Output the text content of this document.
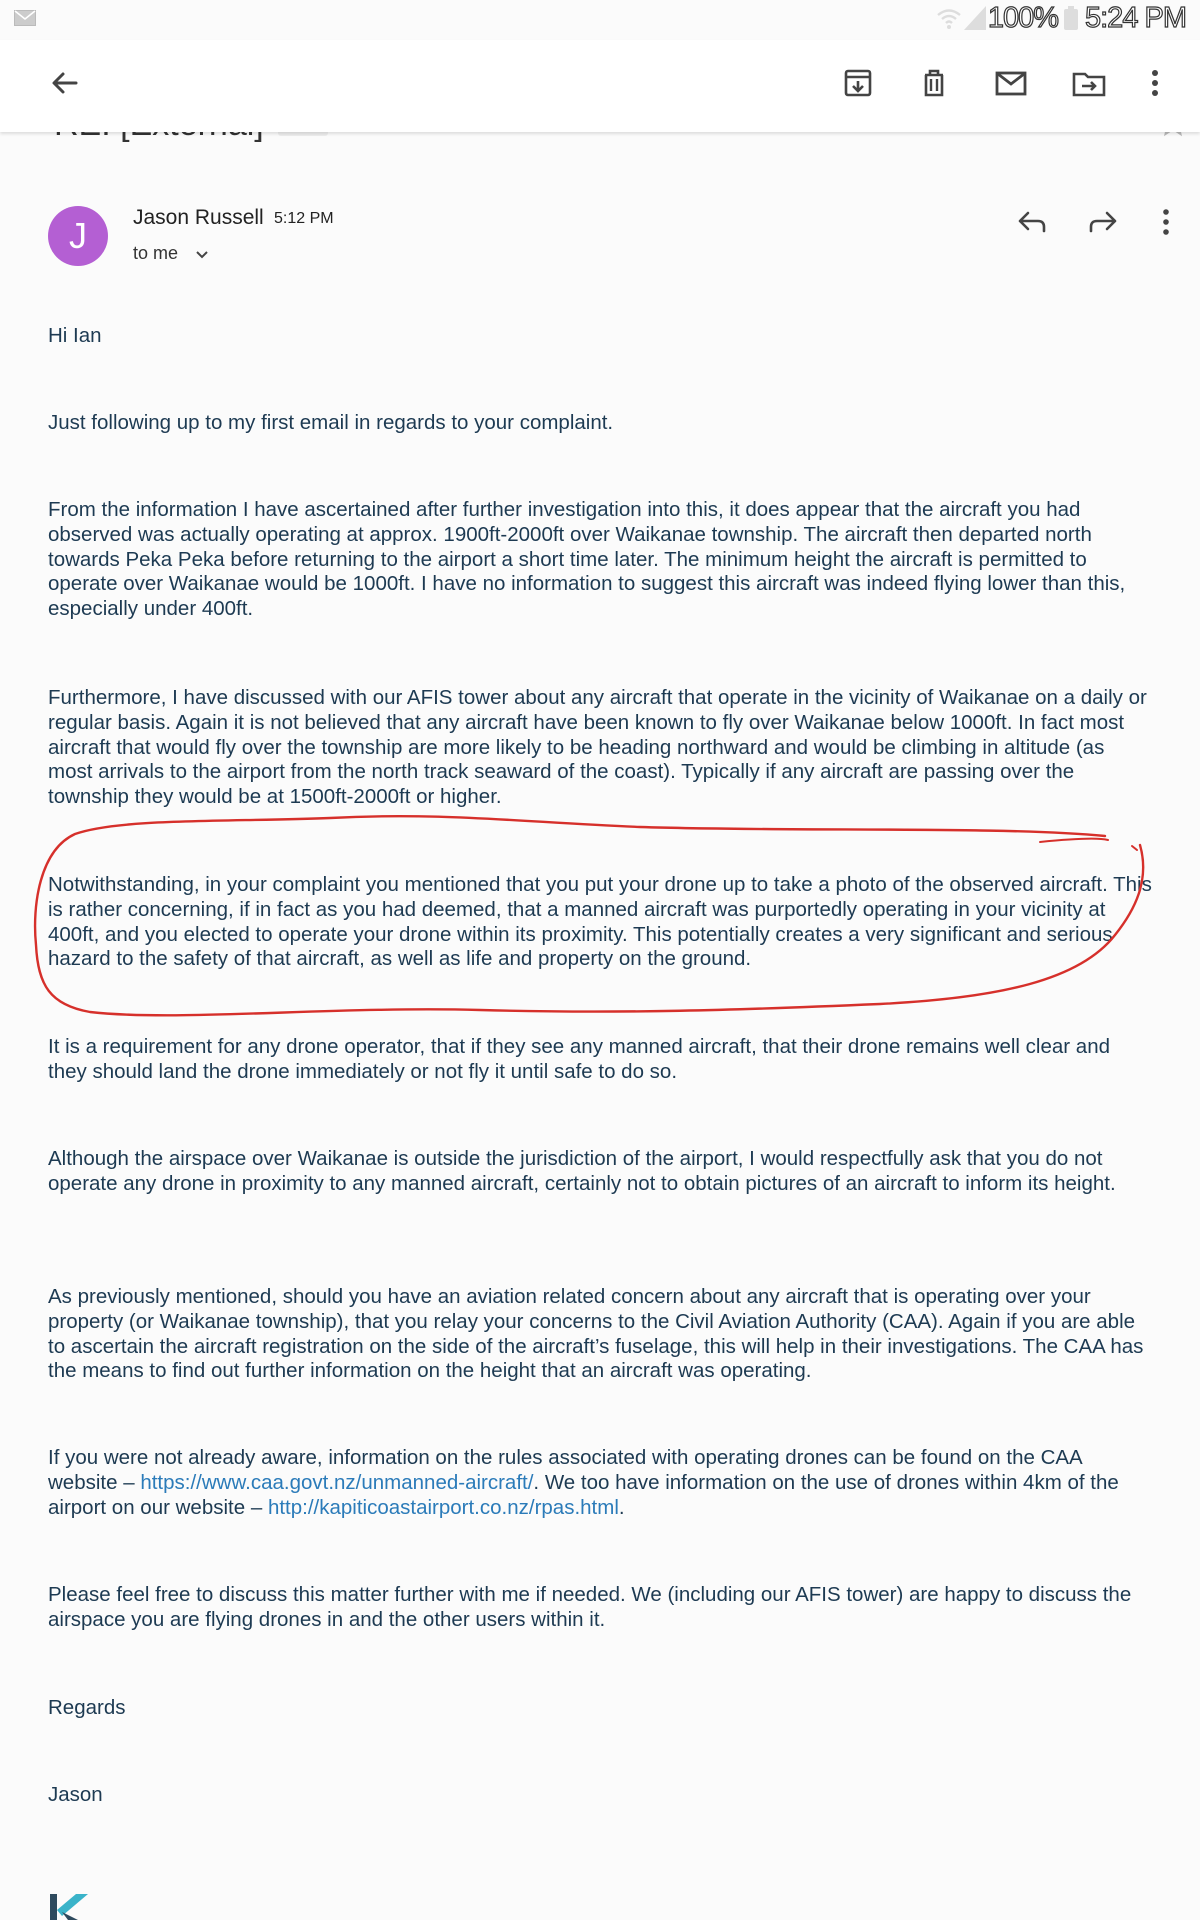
100% 5:24 PM
J	Jason Russell 5:12 PM
to me
Hi Ian
Just following up to my first email in regards to your complaint.
From the information I have ascertained after further investigation into this, it does appear that the aircraft you had observed was actually operating at approx. 1900ft-2000ft over Waikanae township. The aircraft then departed north towards Peka Peka before returning to the airport a short time later. The minimum height the aircraft is permitted to operate over Waikanae would be 1000ft. I have no information to suggest this aircraft was indeed flying lower than this, especially under 400ft.
Furthermore, I have discussed with our AFIS tower about any aircraft that operate in the vicinity of Waikanae on a daily or regular basis. Again it is not believed that any aircraft have been known to fly over Waikanae below 1000ft. In fact most aircraft that would fly over the township are more likely to be heading northward and would be climbing in altitude (as most arrivals to the airport from the north track seaward of the coast). Typically if any aircraft are passing over the township they would be at 1500ft-2000ft or higher.
Notwithstanding, in your complaint you mentioned that you put your drone up to take a photo of the observed aircraft. This is rather concerning, if in fact as you had deemed, that a manned aircraft was purportedly operating in your vicinity at 400ft, and you elected to operate your drone within its proximity. This potentially creates a very significant and serious hazard to the safety of that aircraft, as well as life and property on the ground.
It is a requirement for any drone operator, that if they see any manned aircraft, that their drone remains well clear and they should land the drone immediately or not fly it until safe to do so.
Although the airspace over Waikanae is outside the jurisdiction of the airport, I would respectfully ask that you do not operate any drone in proximity to any manned aircraft, certainly not to obtain pictures of an aircraft to inform its height.
As previously mentioned, should you have an aviation related concern about any aircraft that is operating over your property (or Waikanae township), that you relay your concerns to the Civil Aviation Authority (CAA). Again if you are able to ascertain the aircraft registration on the side of the aircraft’s fuselage, this will help in their investigations. The CAA has the means to find out further information on the height that an aircraft was operating.
If you were not already aware, information on the rules associated with operating drones can be found on the CAA website – https://www.caa.govt.nz/unmanned-aircraft/. We too have information on the use of drones within 4km of the airport on our website – http://kapiticoastairport.co.nz/rpas.html.
Please feel free to discuss this matter further with me if needed. We (including our AFIS tower) are happy to discuss the airspace you are flying drones in and the other users within it.
Regards
Jason
